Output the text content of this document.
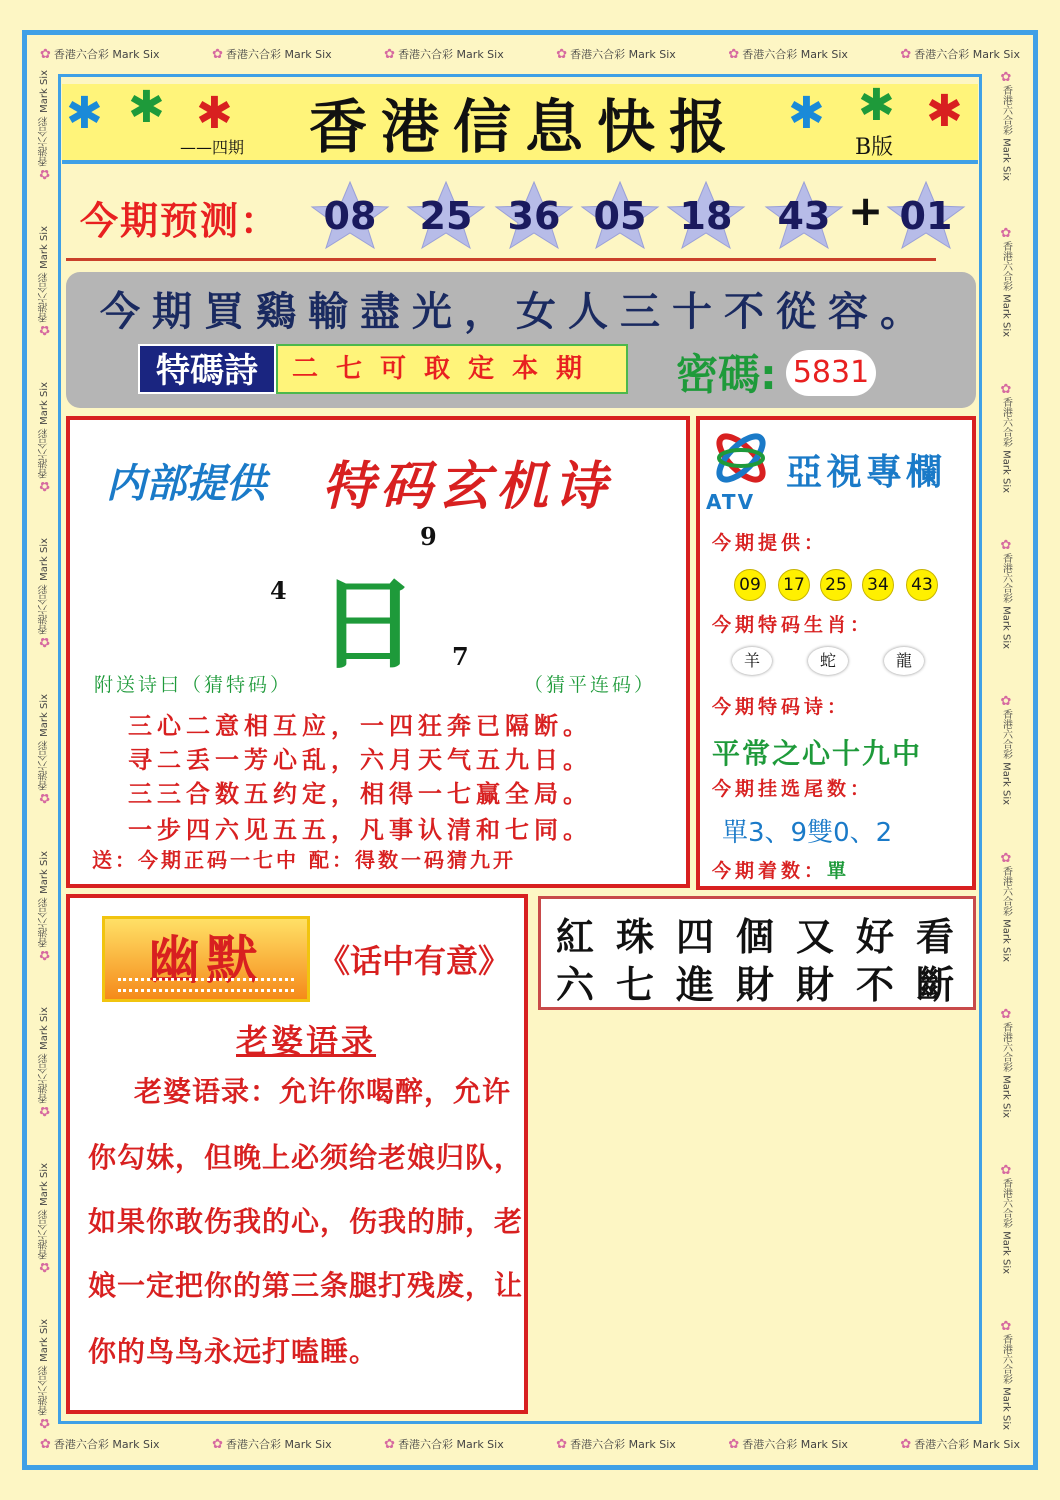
✿ 香港六合彩 Mark Six	✿ 香港六合彩 Mark Six	✿ 香港六合彩 Mark Six	✿ 香港六合彩 Mark Six	✿ 香港六合彩 Mark Six	✿ 香港六合彩 Mark Six
✿ 香港六合彩 Mark Six	✿ 香港六合彩 Mark Six	✿ 香港六合彩 Mark Six	✿ 香港六合彩 Mark Six	✿ 香港六合彩 Mark Six	✿ 香港六合彩 Mark Six
✿香港六合彩 Mark Six
✿香港六合彩 Mark Six
✿香港六合彩 Mark Six
✿香港六合彩 Mark Six
✿香港六合彩 Mark Six
✿香港六合彩 Mark Six
✿香港六合彩 Mark Six
✿香港六合彩 Mark Six
✿香港六合彩 Mark Six
✿香港六合彩 Mark Six
✿香港六合彩 Mark Six
✿香港六合彩 Mark Six
✿香港六合彩 Mark Six
✿香港六合彩 Mark Six
✿香港六合彩 Mark Six
✿香港六合彩 Mark Six
✿香港六合彩 Mark Six
✿香港六合彩 Mark Six
✱ ✱ ✱	✱ ✱ ✱
香港信息快报
——四期	B版
今期预测：	08	25 36 05 18	43 + 01
今期買鷄輸盡光，女人三十不從容。
特碼詩	二七可取定本期	密碼: 5831
内部提供 特码玄机诗
日
9
4
7
附送诗曰（猜特码）	（猜平连码）
三心二意相互应，一四狂奔已隔断。
寻二丢一芳心乱，六月天气五九日。
三三合数五约定，相得一七赢全局。
一步四六见五五，凡事认清和七同。
送：今期正码一七中 配：得数一码猜九开
ATV
亞視專欄
今期提供：
09	17	25	34	43
今期特码生肖：
羊	蛇	龍
今期特码诗：
平常之心十九中
今期挂选尾数：
單3、9雙0、2
今期着数：單
紅珠四個又好看
六七進財財不斷
幽默	《话中有意》
老婆语录
老婆语录：允许你喝醉，允许
你勾妹，但晚上必须给老娘归队，
如果你敢伤我的心，伤我的肺，老
娘一定把你的第三条腿打残废，让
你的鸟鸟永远打嗑睡。
